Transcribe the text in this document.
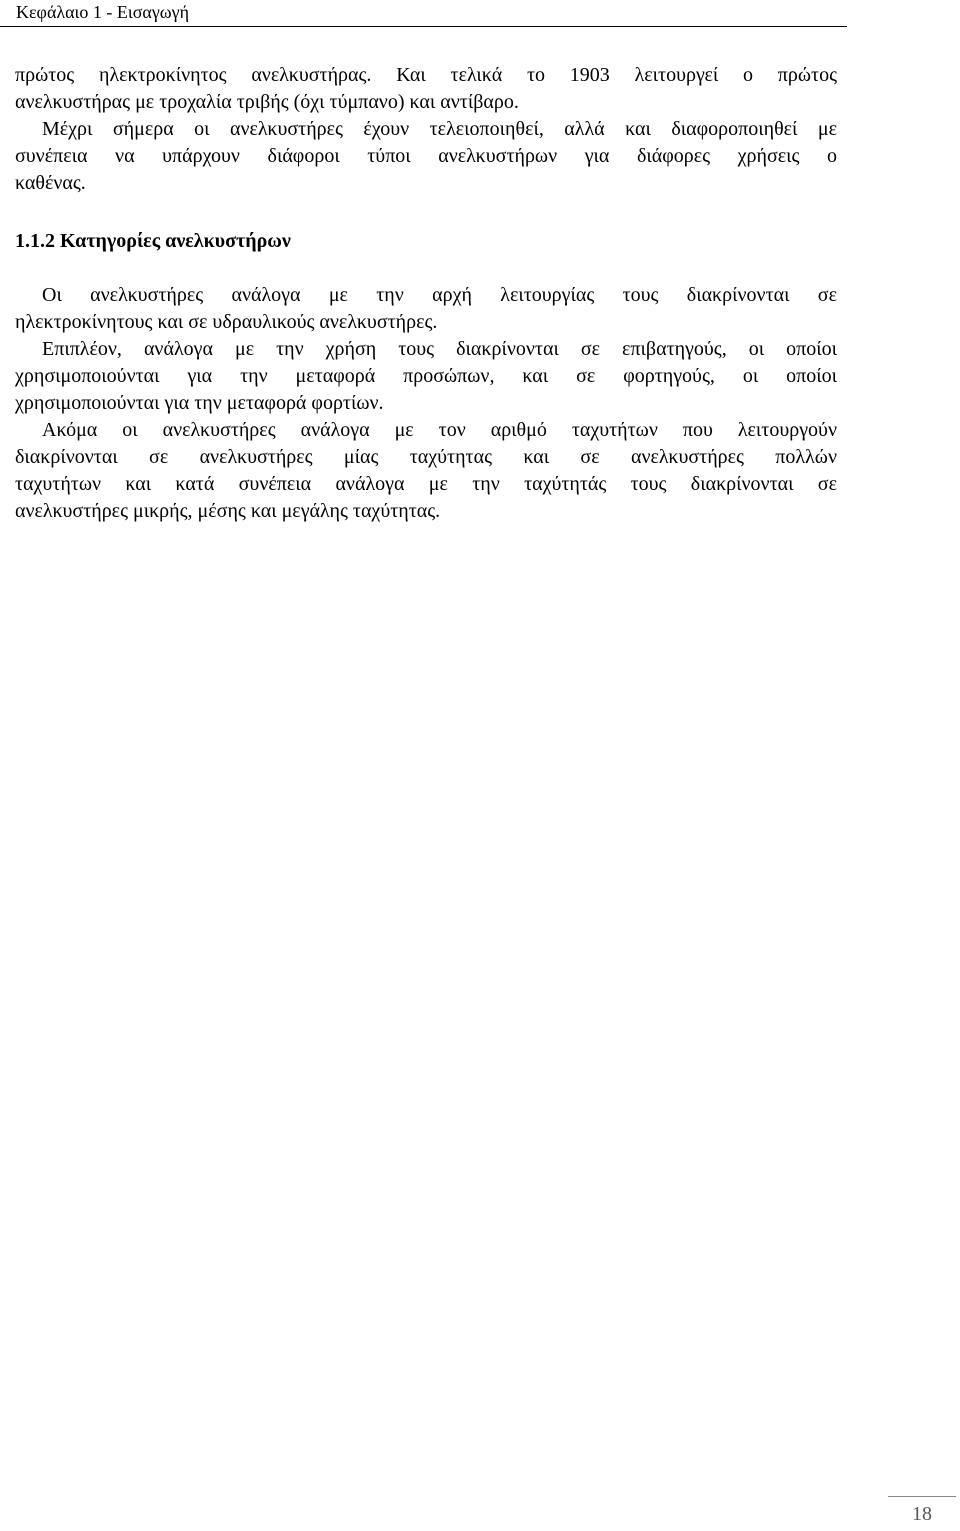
Κεφάλαιο 1 - Εισαγωγή
πρώτος ηλεκτροκίνητος ανελκυστήρας. Και τελικά το 1903 λειτουργεί ο πρώτος
ανελκυστήρας με τροχαλία τριβής (όχι τύμπανο) και αντίβαρο.
Μέχρι σήμερα οι ανελκυστήρες έχουν τελειοποιηθεί, αλλά και διαφοροποιηθεί με
συνέπεια να υπάρχουν διάφοροι τύποι ανελκυστήρων για διάφορες χρήσεις ο
καθένας.
1.1.2 Κατηγορίες ανελκυστήρων
Οι ανελκυστήρες ανάλογα με την αρχή λειτουργίας τους διακρίνονται σε
ηλεκτροκίνητους και σε υδραυλικούς ανελκυστήρες.
Επιπλέον, ανάλογα με την χρήση τους διακρίνονται σε επιβατηγούς, οι οποίοι
χρησιμοποιούνται για την μεταφορά προσώπων, και σε φορτηγούς, οι οποίοι
χρησιμοποιούνται για την μεταφορά φορτίων.
Ακόμα οι ανελκυστήρες ανάλογα με τον αριθμό ταχυτήτων που λειτουργούν
διακρίνονται σε ανελκυστήρες μίας ταχύτητας και σε ανελκυστήρες πολλών
ταχυτήτων και κατά συνέπεια ανάλογα με την ταχύτητάς τους διακρίνονται σε
ανελκυστήρες μικρής, μέσης και μεγάλης ταχύτητας.
18
